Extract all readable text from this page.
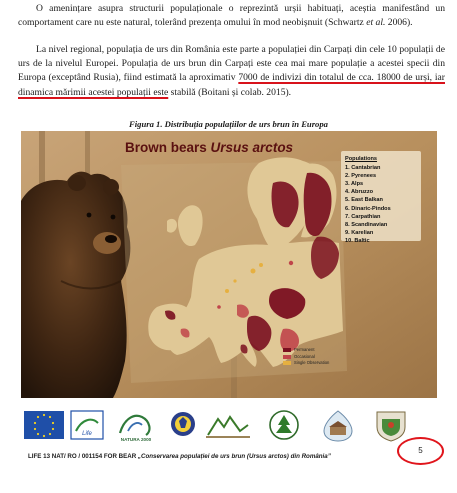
O amenințare asupra structurii populaționale o reprezintă urșii habituați, aceștia manifestând un comportament care nu este natural, tolerând prezența omului în mod neobișnuit (Schwartz et al. 2006).

La nivel regional, populația de urs din România este parte a populației din Carpați din cele 10 populații de urs de la nivelul Europei. Populația de urs brun din Carpați este cea mai mare populație a acestei specii din Europa (exceptând Rusia), fiind estimată la aproximativ 7000 de indivizi din totalul de cca. 18000 de urși, iar dinamica mărimii acestei populații este stabilă (Boitani și colab. 2015).

Figura 1. Distribuția populațiilor de urs brun în Europa
Brown bears Ursus arctos
Populations
1. Cantabrian
2. Pyrenees
3. Alps
4. Abruzzo
5. East Balkan
6. Dinaric-Pindos
7. Carpathian
8. Scandinavian
9. Karelian
10. Baltic
Permanent
Occasional
Single Observation
Life
NATURA 2000
LIFE 13 NAT/ RO / 001154 FOR BEAR „Conservarea populației de urs brun (Ursus arctos) din România”
5
